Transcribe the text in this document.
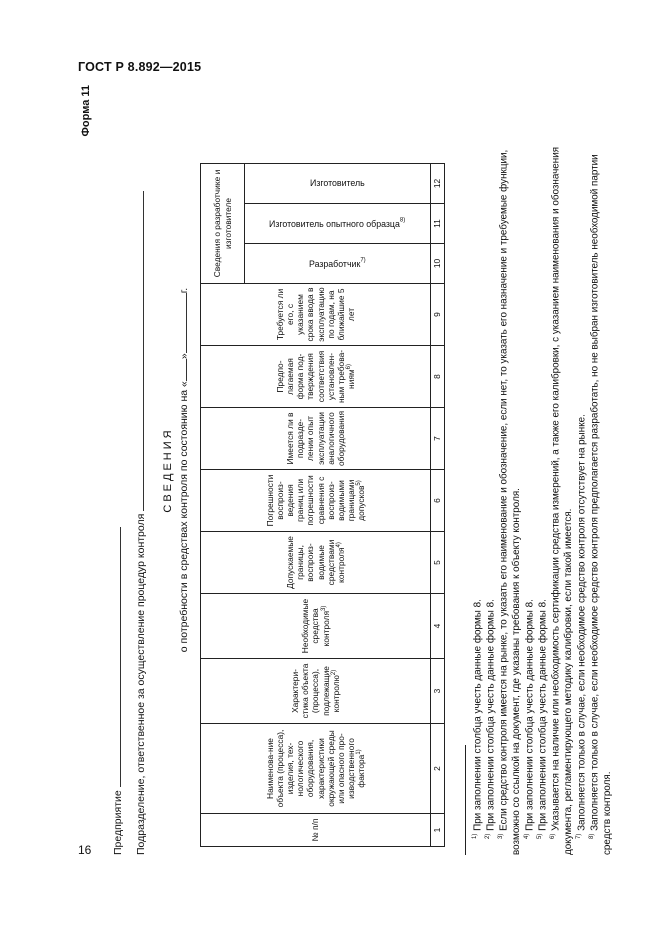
ГОСТ Р 8.892—2015
Форма 11
Предприятие Подразделение, ответственное за осуществление процедур контроля
СВЕДЕНИЯ о потребности в средствах контроля по состоянию на «»г.
№ п/п	Наименова-ние объекта (процесса), изделия, тех-нологического оборудования, характеристики окружающей среды или опасного про-изводственного фактора$^{1)}$	Характери-стика объекта (процесса), подлежащие контролю$^{2)}$	Необходимые средства контроля$^{3)}$	Допускаемые границы, воспроиз-водимые средствами контроля$^{4)}$	Погрешности воспроиз-ведения границ или погрешности сравнения с воспроиз-водимыми границами допусков$^{5)}$	Имеется ли в подразде-лении опыт эксплуатации аналогичного оборудования	Предпо-лагаемая форма под-тверждения соответствия установлен-ным требова-ниям$^{6)}$	Требуется ли его, с указанием срока ввода в эксплуатацию по годам, на ближайшие 5 лет	Сведения о разработчике и изготовителе		
									Разработчик$^{7)}$	Изготовитель опытного образца$^{8)}$	Изготовитель
1	2	3	4	5	6	7	8	9	10	11	12
$^{1)}$ При заполнении столбца учесть данные формы 8.
$^{2)}$ При заполнении столбца учесть данные формы 8.
$^{3)}$ Если средство контроля имеется на рынке, то указать его наименование и обозначение, если нет, то указать его назначение и требуемые функции, возможно со ссылкой на документ, где указаны требования к объекту контроля. $^{4)}$ При заполнении столбца учесть данные формы 8.
$^{5)}$ При заполнении столбца учесть данные формы 8.
$^{6)}$ Указывается на наличие или необходимость сертификации средства измерений, а также его калибровки, с указанием наименования и обозначения документа, регламентирующего методику калибровки, если такой имеется. $^{7)}$ Заполняется только в случае, если необходимое средство контроля отсутствует на рынке.
$^{8)}$ Заполняется только в случае, если необходимое средство контроля предполагается разработать, но не выбран изготовитель необходимой партии средств контроля.
16
